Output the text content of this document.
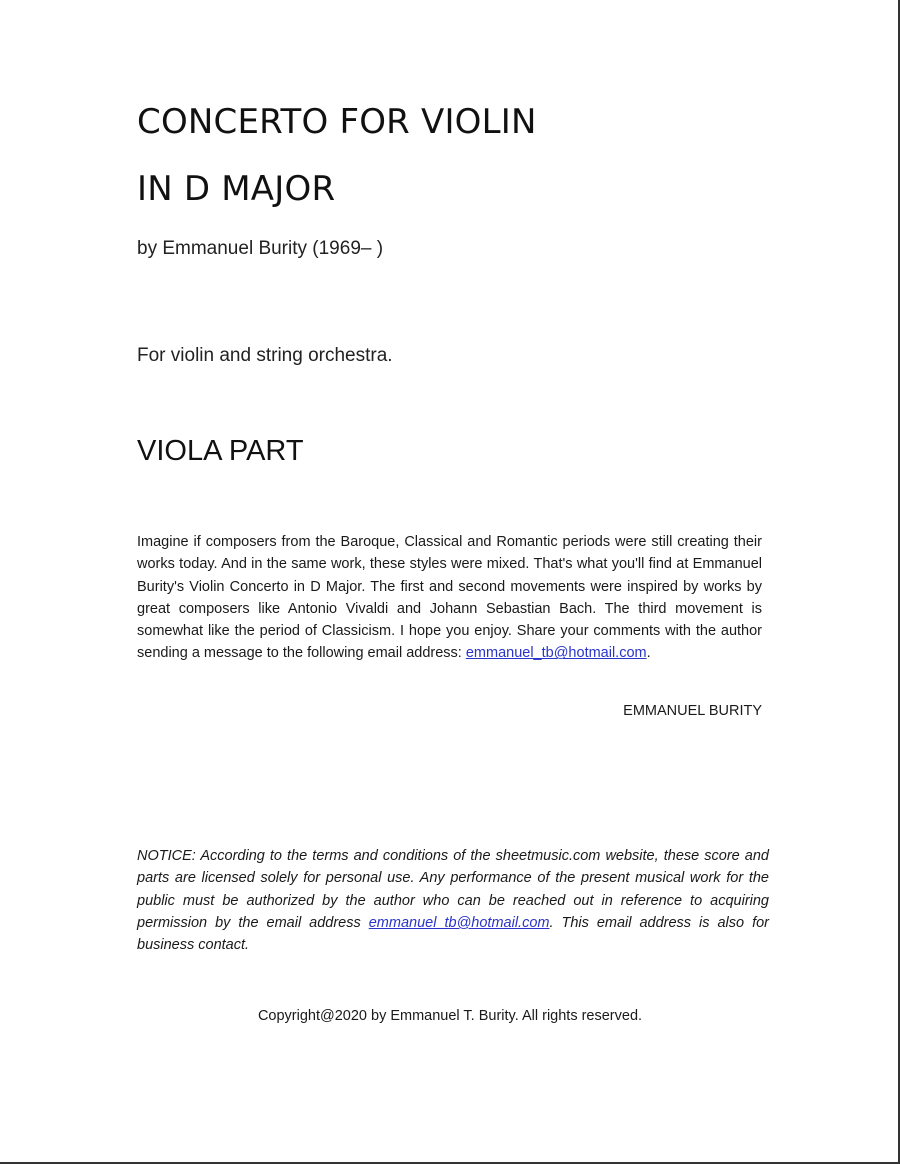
CONCERTO FOR VIOLIN
IN D MAJOR
by Emmanuel Burity (1969– )
For violin and string orchestra.
VIOLA PART

Imagine if composers from the Baroque, Classical and Romantic periods were still creating their works today. And in the same work, these styles were mixed. That's what you'll find at Emmanuel Burity's Violin Concerto in D Major. The first and second movements were inspired by works by great composers like Antonio Vivaldi and Johann Sebastian Bach. The third movement is somewhat like the period of Classicism. I hope you enjoy. Share your comments with the author sending a message to the following email address: emmanuel_tb@hotmail.com.

EMMANUEL BURITY

NOTICE: According to the terms and conditions of the sheetmusic.com website, these score and parts are licensed solely for personal use. Any performance of the present musical work for the public must be authorized by the author who can be reached out in reference to acquiring permission by the email address emmanuel_tb@hotmail.com. This email address is also for business contact.

Copyright@2020 by Emmanuel T. Burity. All rights reserved.
